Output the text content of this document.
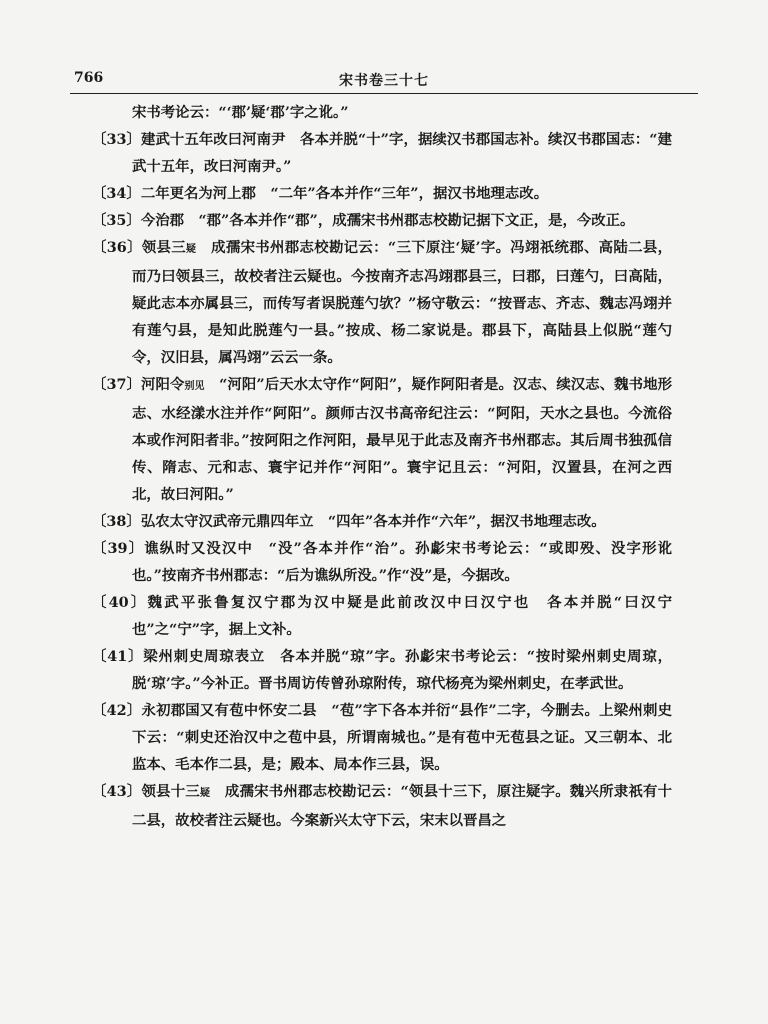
766	宋书卷三十七
宋书考论云：“‘郡’疑‘郡’字之讹。”
〔33〕建武十五年改曰河南尹　各本并脱“十”字，据续汉书郡国志补。续汉书郡国志：“建武十五年，改曰河南尹。”
〔34〕二年更名为河上郡　“二年”各本并作“三年”，据汉书地理志改。
〔35〕今治郡　“郡”各本并作“郡”，成孺宋书州郡志校勘记据下文正，是，今改正。
〔36〕领县三疑　成孺宋书州郡志校勘记云：“三下原注‘疑’字。冯翊祇统郡、高陆二县，而乃曰领县三，故校者注云疑也。今按南齐志冯翊郡县三，曰郡，曰莲勺，曰高陆，疑此志本亦属县三，而传写者误脱莲勺欤？”杨守敬云：“按晋志、齐志、魏志冯翊并有莲勺县，是知此脱莲勺一县。”按成、杨二家说是。郡县下，高陆县上似脱“莲勺令，汉旧县，属冯翊”云云一条。
〔37〕河阳令别见　“河阳”后天水太守作“阿阳”，疑作阿阳者是。汉志、续汉志、魏书地形志、水经漾水注并作“阿阳”。颜师古汉书高帝纪注云：“阿阳，天水之县也。今流俗本或作河阳者非。”按阿阳之作河阳，最早见于此志及南齐书州郡志。其后周书独孤信传、隋志、元和志、寰宇记并作“河阳”。寰宇记且云：“河阳，汉置县，在河之西北，故曰河阳。”
〔38〕弘农太守汉武帝元鼎四年立　“四年”各本并作“六年”，据汉书地理志改。
〔39〕谯纵时又没汉中　“没”各本并作“治”。孙虨宋书考论云：“或即殁、没字形讹也。”按南齐书州郡志：“后为谯纵所没。”作“没”是，今据改。
〔40〕魏武平张鲁复汉宁郡为汉中疑是此前改汉中曰汉宁也　各本并脱“曰汉宁也”之“宁”字，据上文补。
〔41〕梁州刺史周琼表立　各本并脱“琼”字。孙虨宋书考论云：“按时梁州刺史周琼，脱‘琼’字。”今补正。晋书周访传曾孙琼附传，琼代杨亮为梁州刺史，在孝武世。
〔42〕永初郡国又有苞中怀安二县　“苞”字下各本并衍“县作”二字，今删去。上梁州刺史下云：“刺史还治汉中之苞中县，所谓南城也。”是有苞中无苞县之证。又三朝本、北监本、毛本作二县，是；殿本、局本作三县，误。
〔43〕领县十三疑　成孺宋书州郡志校勘记云：“领县十三下，原注疑字。魏兴所隶祇有十二县，故校者注云疑也。今案新兴太守下云，宋末以晋昌之
